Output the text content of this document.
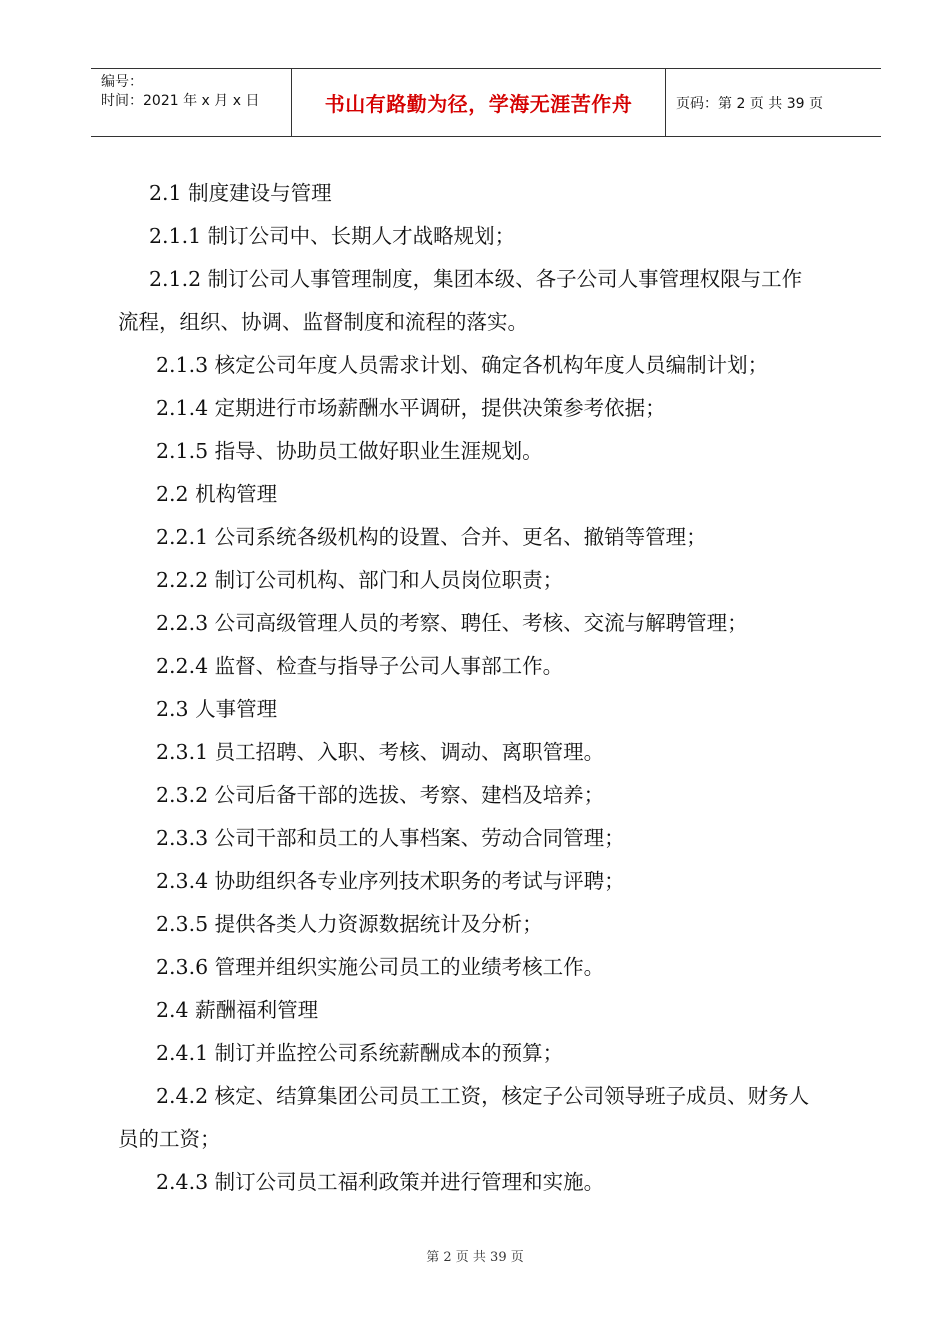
编号：
时间：2021 年 x 月 x 日	书山有路勤为径，学海无涯苦作舟	页码：第 2 页 共 39 页
2.1 制度建设与管理
2.1.1 制订公司中、长期人才战略规划；
2.1.2 制订公司人事管理制度，集团本级、各子公司人事管理权限与工作
流程，组织、协调、监督制度和流程的落实。
2.1.3 核定公司年度人员需求计划、确定各机构年度人员编制计划；
2.1.4 定期进行市场薪酬水平调研，提供决策参考依据；
2.1.5 指导、协助员工做好职业生涯规划。
2.2 机构管理
2.2.1 公司系统各级机构的设置、合并、更名、撤销等管理；
2.2.2 制订公司机构、部门和人员岗位职责；
2.2.3 公司高级管理人员的考察、聘任、考核、交流与解聘管理；
2.2.4 监督、检查与指导子公司人事部工作。
2.3 人事管理
2.3.1 员工招聘、入职、考核、调动、离职管理。
2.3.2 公司后备干部的选拔、考察、建档及培养；
2.3.3 公司干部和员工的人事档案、劳动合同管理；
2.3.4 协助组织各专业序列技术职务的考试与评聘；
2.3.5 提供各类人力资源数据统计及分析；
2.3.6 管理并组织实施公司员工的业绩考核工作。
2.4 薪酬福利管理
2.4.1 制订并监控公司系统薪酬成本的预算；
2.4.2 核定、结算集团公司员工工资，核定子公司领导班子成员、财务人
员的工资；
2.4.3 制订公司员工福利政策并进行管理和实施。
第 2 页 共 39 页
